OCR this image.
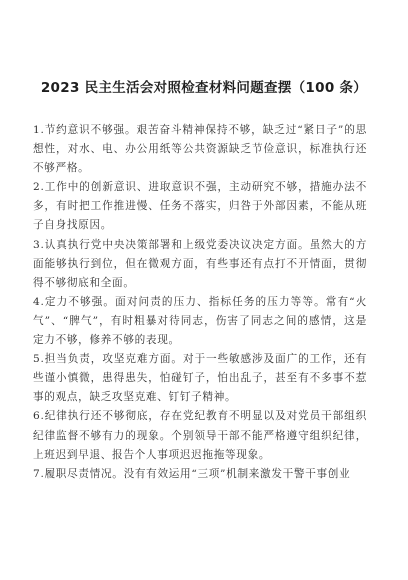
2023 民主生活会对照检查材料问题查摆（100 条）

1.节约意识不够强。艰苦奋斗精神保持不够，缺乏过“紧日子”的思想性，对水、电、办公用纸等公共资源缺乏节俭意识，标准执行还不够严格。

2.工作中的创新意识、进取意识不强，主动研究不够，措施办法不多，有时把工作推进慢、任务不落实，归咎于外部因素，不能从班子自身找原因。

3.认真执行党中央决策部署和上级党委决议决定方面。虽然大的方面能够执行到位，但在微观方面，有些事还有点打不开情面，贯彻得不够彻底和全面。

4.定力不够强。面对问责的压力、指标任务的压力等等。常有“火气”、“脾气”，有时粗暴对待同志，伤害了同志之间的感情，这是定力不够，修养不够的表现。

5.担当负责，攻坚克难方面。对于一些敏感涉及面广的工作，还有些谨小慎微，患得患失，怕碰钉子，怕出乱子，甚至有不多事不惹事的观点，缺乏攻坚克难、钉钉子精神。

6.纪律执行还不够彻底，存在党纪教育不明显以及对党员干部组织纪律监督不够有力的现象。个别领导干部不能严格遵守组织纪律，上班迟到早退、报告个人事项迟迟拖拖等现象。

7.履职尽责情况。没有有效运用“三项”机制来激发干警干事创业
